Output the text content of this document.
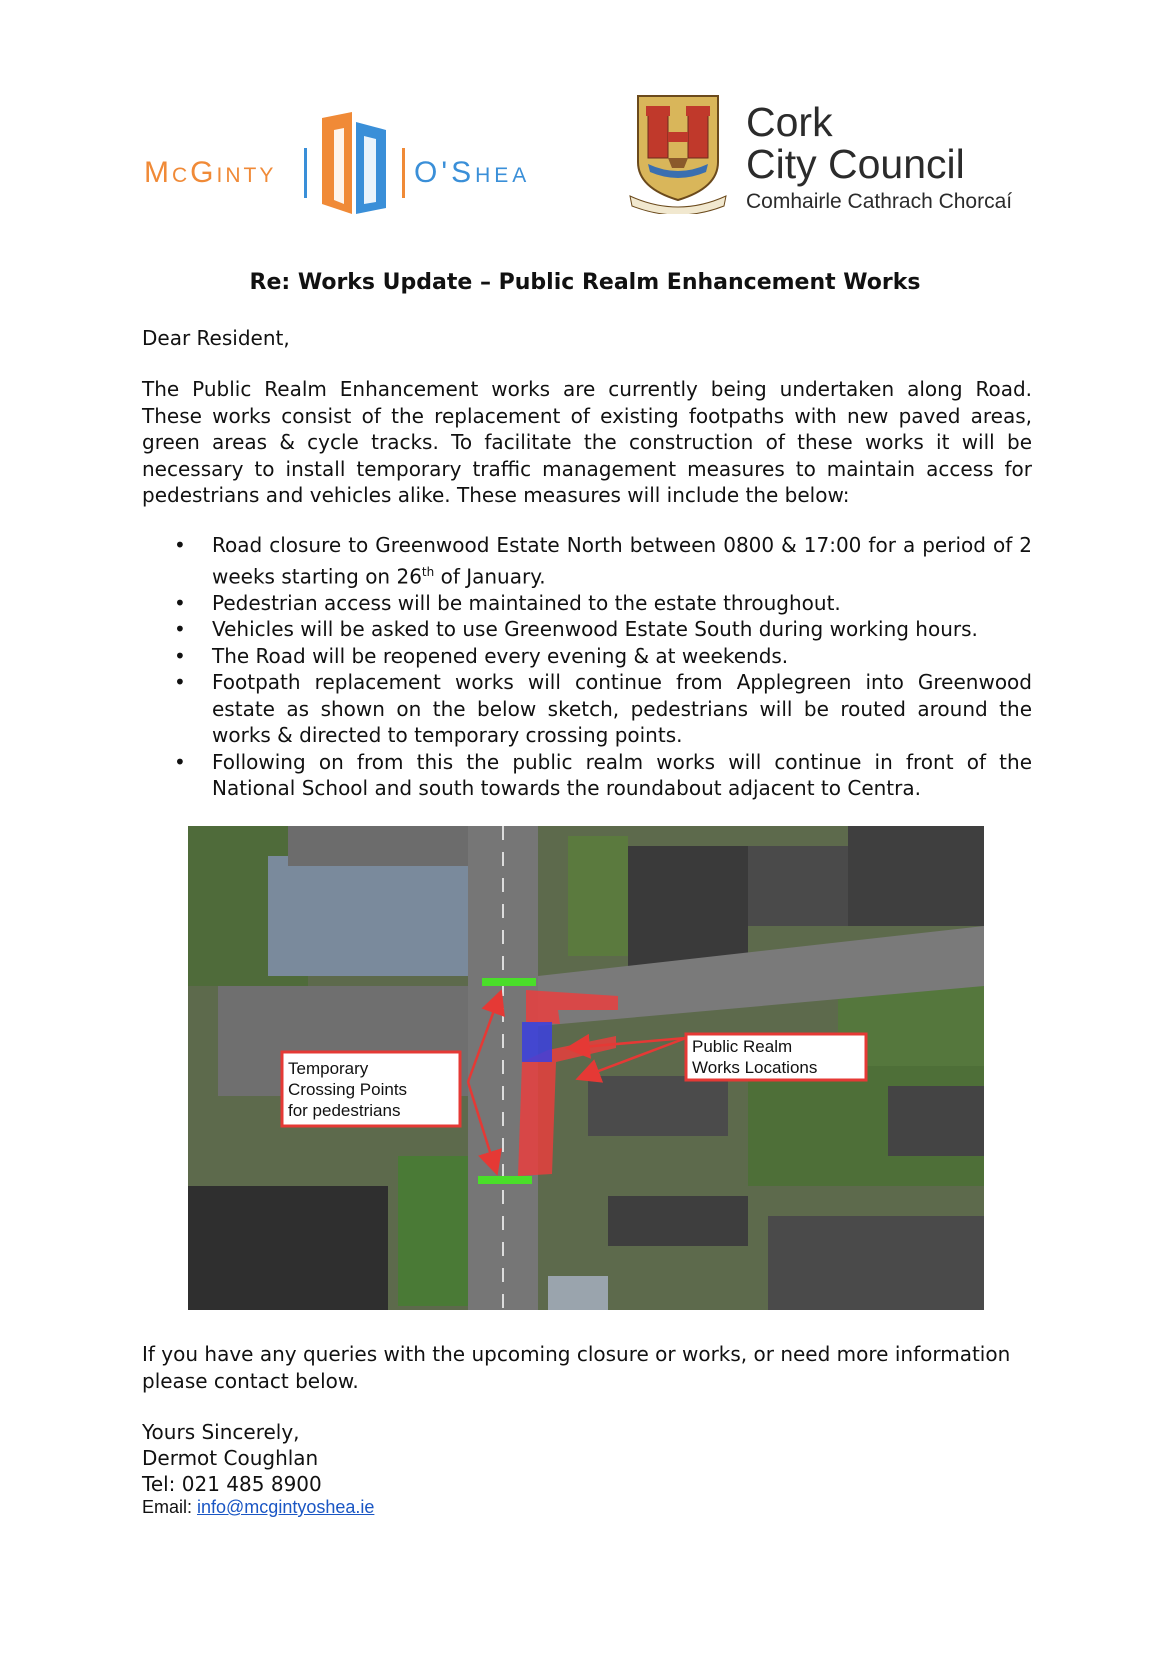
McGinty	O'Shea
Cork
City Council
Comhairle Cathrach Chorcaí
Re: Works Update – Public Realm Enhancement Works
Dear Resident,
The Public Realm Enhancement works are currently being undertaken along Road. These works consist of the replacement of existing footpaths with new paved areas, green areas & cycle tracks. To facilitate the construction of these works it will be necessary to install temporary traffic management measures to maintain access for pedestrians and vehicles alike. These measures will include the below:
• Road closure to Greenwood Estate North between 0800 & 17:00 for a period of 2 weeks starting on 26th of January.
• Pedestrian access will be maintained to the estate throughout.
• Vehicles will be asked to use Greenwood Estate South during working hours.
• The Road will be reopened every evening & at weekends.
• Footpath replacement works will continue from Applegreen into Greenwood estate as shown on the below sketch, pedestrians will be routed around the works & directed to temporary crossing points.
• Following on from this the public realm works will continue in front of the National School and south towards the roundabout adjacent to Centra.
Temporary
Crossing Points
for pedestrians
Public Realm
Works Locations
If you have any queries with the upcoming closure or works, or need more information please contact below.
Yours Sincerely,
Dermot Coughlan
Tel: 021 485 8900
Email: info@mcgintyoshea.ie
